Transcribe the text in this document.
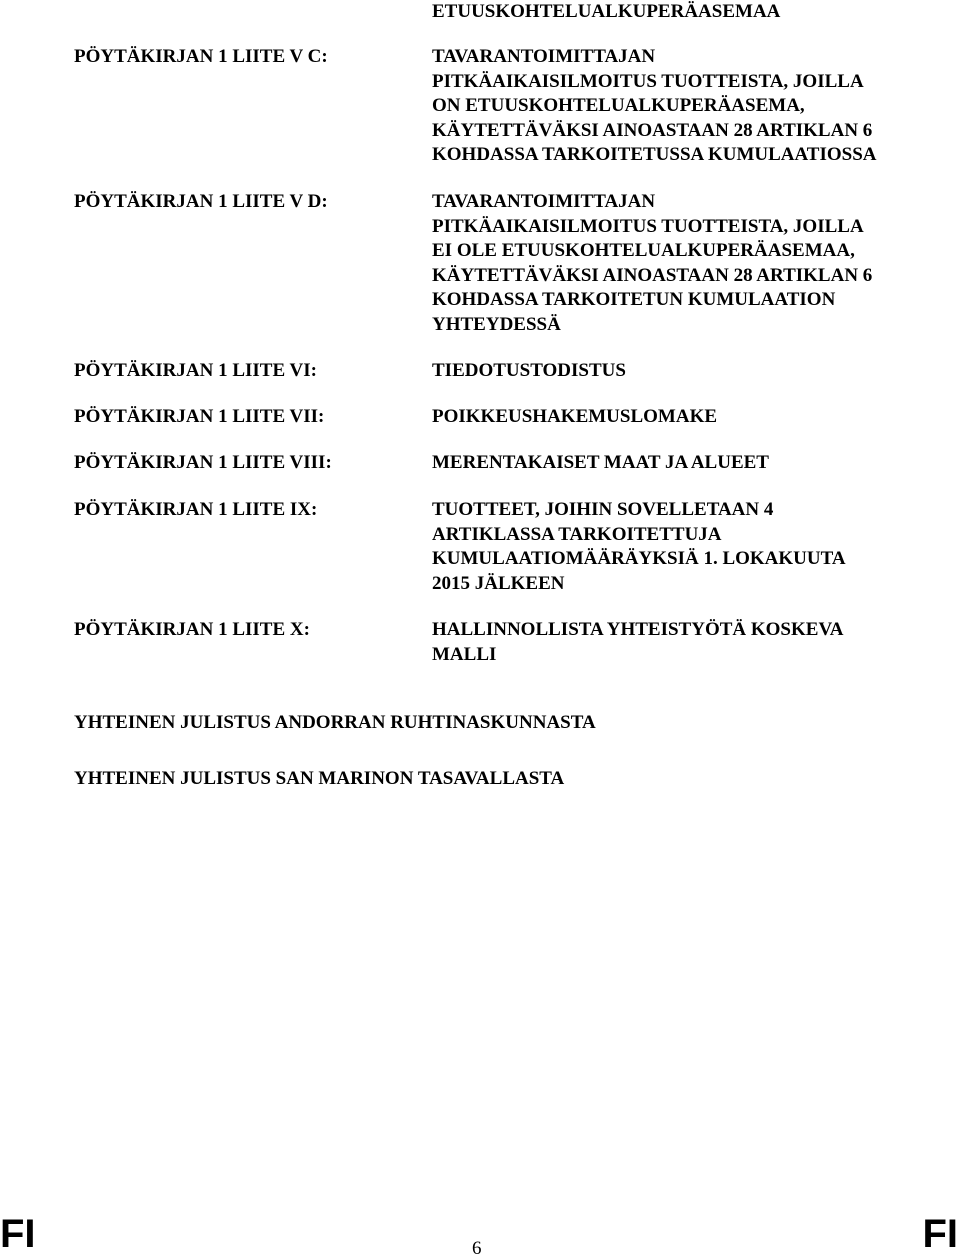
ETUUSKOHTELUALKUPERÄASEMAA
PÖYTÄKIRJAN 1 LIITE V C:	TAVARANTOIMITTAJAN
PITKÄAIKAISILMOITUS TUOTTEISTA, JOILLA
ON ETUUSKOHTELUALKUPERÄASEMA,
KÄYTETTÄVÄKSI AINOASTAAN 28 ARTIKLAN 6
KOHDASSA TARKOITETUSSA KUMULAATIOSSA
PÖYTÄKIRJAN 1 LIITE V D:	TAVARANTOIMITTAJAN
PITKÄAIKAISILMOITUS TUOTTEISTA, JOILLA
EI OLE ETUUSKOHTELUALKUPERÄASEMAA,
KÄYTETTÄVÄKSI AINOASTAAN 28 ARTIKLAN 6
KOHDASSA TARKOITETUN KUMULAATION
YHTEYDESSÄ
PÖYTÄKIRJAN 1 LIITE VI:	TIEDOTUSTODISTUS
PÖYTÄKIRJAN 1 LIITE VII:	POIKKEUSHAKEMUSLOMAKE
PÖYTÄKIRJAN 1 LIITE VIII:	MERENTAKAISET MAAT JA ALUEET
PÖYTÄKIRJAN 1 LIITE IX:	TUOTTEET, JOIHIN SOVELLETAAN 4
ARTIKLASSA TARKOITETTUJA
KUMULAATIOMÄÄRÄYKSIÄ 1. LOKAKUUTA
2015 JÄLKEEN
PÖYTÄKIRJAN 1 LIITE X:	HALLINNOLLISTA YHTEISTYÖTÄ KOSKEVA
MALLI
YHTEINEN JULISTUS ANDORRAN RUHTINASKUNNASTA
YHTEINEN JULISTUS SAN MARINON TASAVALLASTA
FI	6	FI
